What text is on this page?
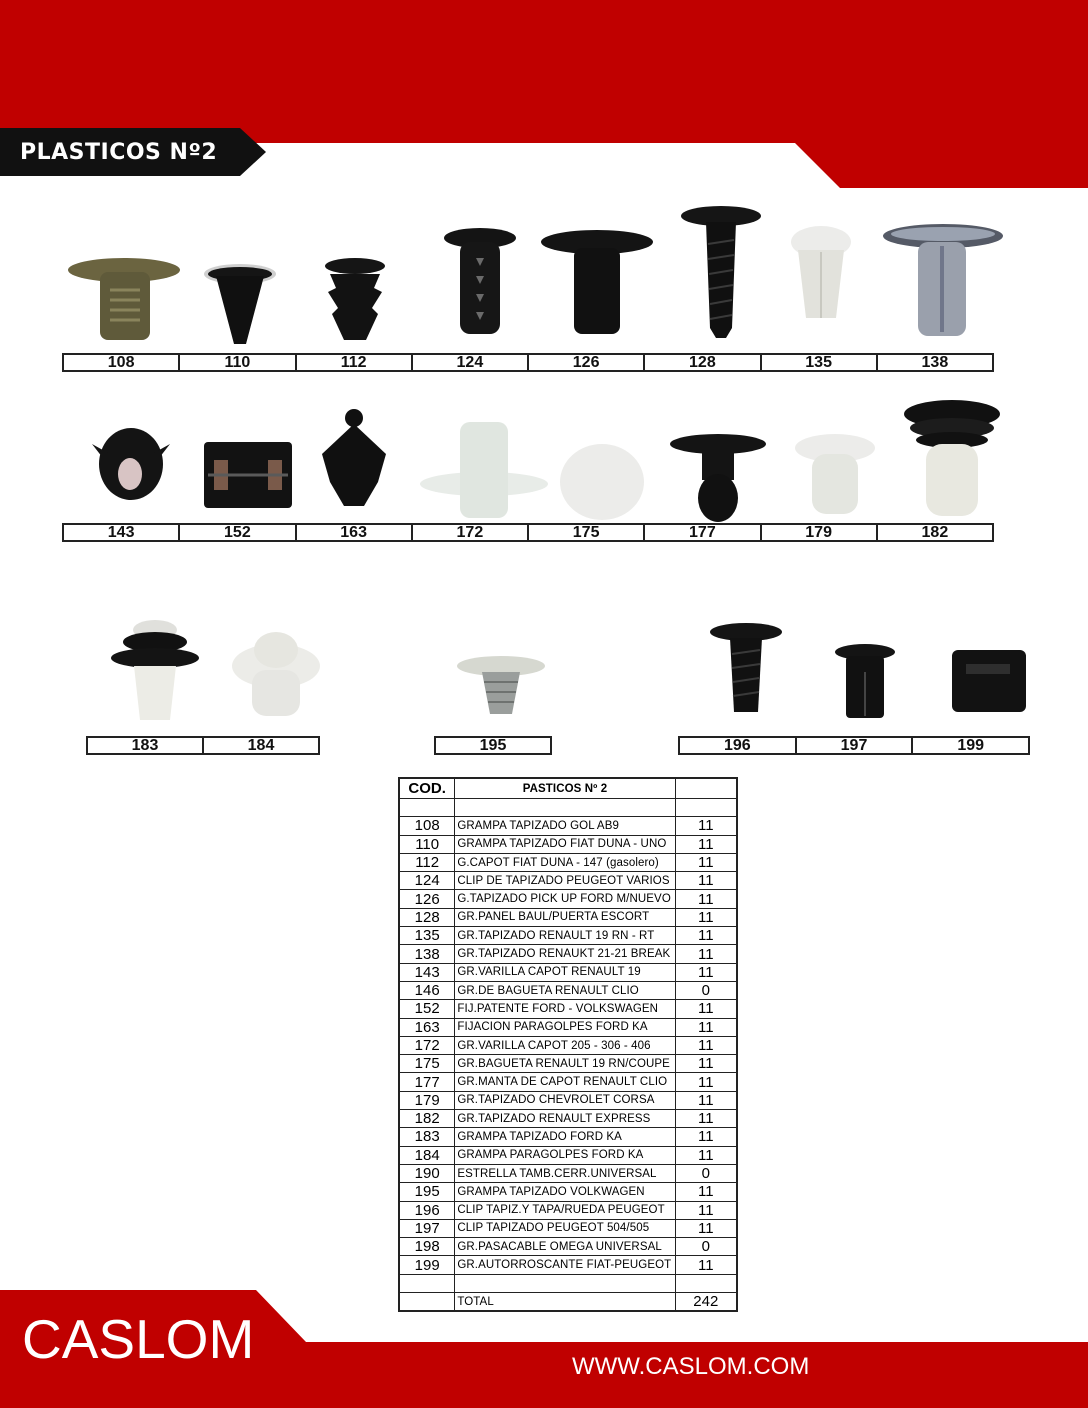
PLASTICOS Nº2
108	110	112	124	126	128	135	138
143	152	163	172	175	177	179	182
183	184	195	196	197	199
COD.	PASTICOS Nº 2	

108	GRAMPA TAPIZADO GOL AB9	11
110	GRAMPA TAPIZADO FIAT DUNA - UNO	11
112	G.CAPOT FIAT DUNA - 147 (gasolero)	11
124	CLIP DE TAPIZADO PEUGEOT VARIOS	11
126	G.TAPIZADO PICK UP FORD M/NUEVO	11
128	GR.PANEL BAUL/PUERTA ESCORT	11
135	GR.TAPIZADO RENAULT 19 RN - RT	11
138	GR.TAPIZADO RENAUKT 21-21 BREAK	11
143	GR.VARILLA CAPOT RENAULT 19	11
146	GR.DE BAGUETA RENAULT CLIO	0
152	FIJ.PATENTE FORD - VOLKSWAGEN	11
163	FIJACION PARAGOLPES FORD KA	11
172	GR.VARILLA CAPOT 205 - 306 - 406	11
175	GR.BAGUETA RENAULT 19 RN/COUPE	11
177	GR.MANTA DE CAPOT RENAULT CLIO	11
179	GR.TAPIZADO CHEVROLET CORSA	11
182	GR.TAPIZADO RENAULT EXPRESS	11
183	GRAMPA TAPIZADO FORD KA	11
184	GRAMPA PARAGOLPES FORD KA	11
190	ESTRELLA TAMB.CERR.UNIVERSAL	0
195	GRAMPA TAPIZADO VOLKWAGEN	11
196	CLIP TAPIZ.Y TAPA/RUEDA PEUGEOT	11
197	CLIP TAPIZADO PEUGEOT 504/505	11
198	GR.PASACABLE OMEGA UNIVERSAL	0
199	GR.AUTORROSCANTE FIAT-PEUGEOT	11

	TOTAL	242
CASLOM	WWW.CASLOM.COM
